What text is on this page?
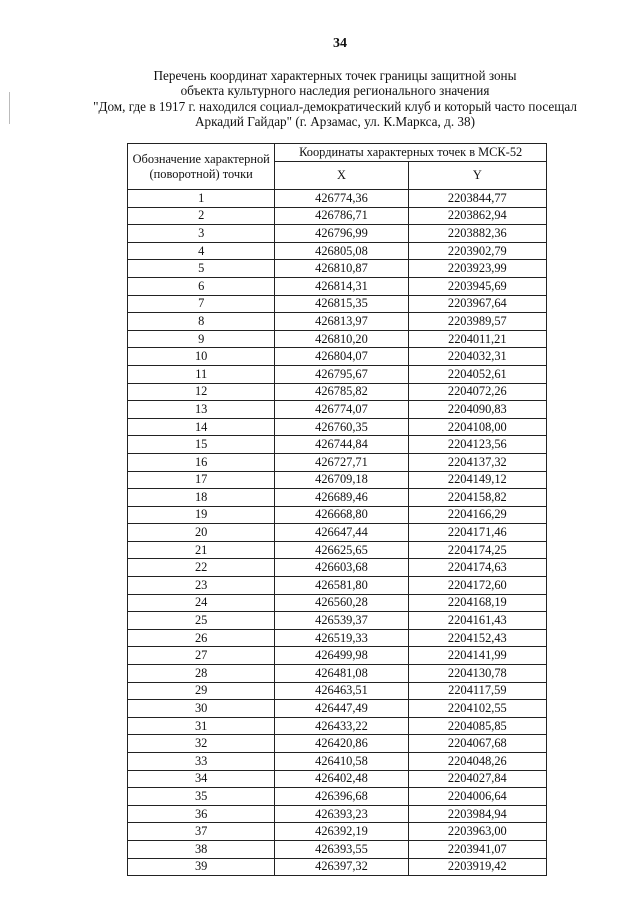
34
Перечень координат характерных точек границы защитной зоны
объекта культурного наследия регионального значения
"Дом, где в 1917 г. находился социал-демократический клуб и который часто посещал
Аркадий Гайдар" (г. Арзамас, ул. К.Маркса, д. 38)
Обозначение характерной (поворотной) точки	Координаты характерных точек в МСК-52	
	X	Y
1	426774,36	2203844,77
2	426786,71	2203862,94
3	426796,99	2203882,36
4	426805,08	2203902,79
5	426810,87	2203923,99
6	426814,31	2203945,69
7	426815,35	2203967,64
8	426813,97	2203989,57
9	426810,20	2204011,21
10	426804,07	2204032,31
11	426795,67	2204052,61
12	426785,82	2204072,26
13	426774,07	2204090,83
14	426760,35	2204108,00
15	426744,84	2204123,56
16	426727,71	2204137,32
17	426709,18	2204149,12
18	426689,46	2204158,82
19	426668,80	2204166,29
20	426647,44	2204171,46
21	426625,65	2204174,25
22	426603,68	2204174,63
23	426581,80	2204172,60
24	426560,28	2204168,19
25	426539,37	2204161,43
26	426519,33	2204152,43
27	426499,98	2204141,99
28	426481,08	2204130,78
29	426463,51	2204117,59
30	426447,49	2204102,55
31	426433,22	2204085,85
32	426420,86	2204067,68
33	426410,58	2204048,26
34	426402,48	2204027,84
35	426396,68	2204006,64
36	426393,23	2203984,94
37	426392,19	2203963,00
38	426393,55	2203941,07
39	426397,32	2203919,42
